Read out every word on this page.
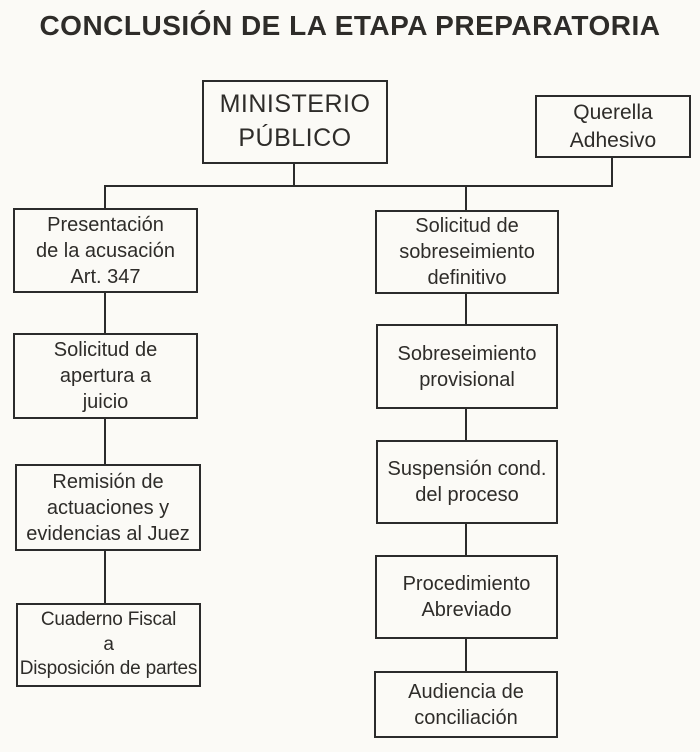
CONCLUSIÓN DE LA ETAPA PREPARATORIA
MINISTERIO
PÚBLICO
Querella
Adhesivo
Presentación
de la acusación
Art. 347
Solicitud de
apertura a
juicio
Remisión de
actuaciones y
evidencias al Juez
Cuaderno Fiscal
a
Disposición de partes
Solicitud de
sobreseimiento
definitivo
Sobreseimiento
provisional
Suspensión cond.
del proceso
Procedimiento
Abreviado
Audiencia de
conciliación
